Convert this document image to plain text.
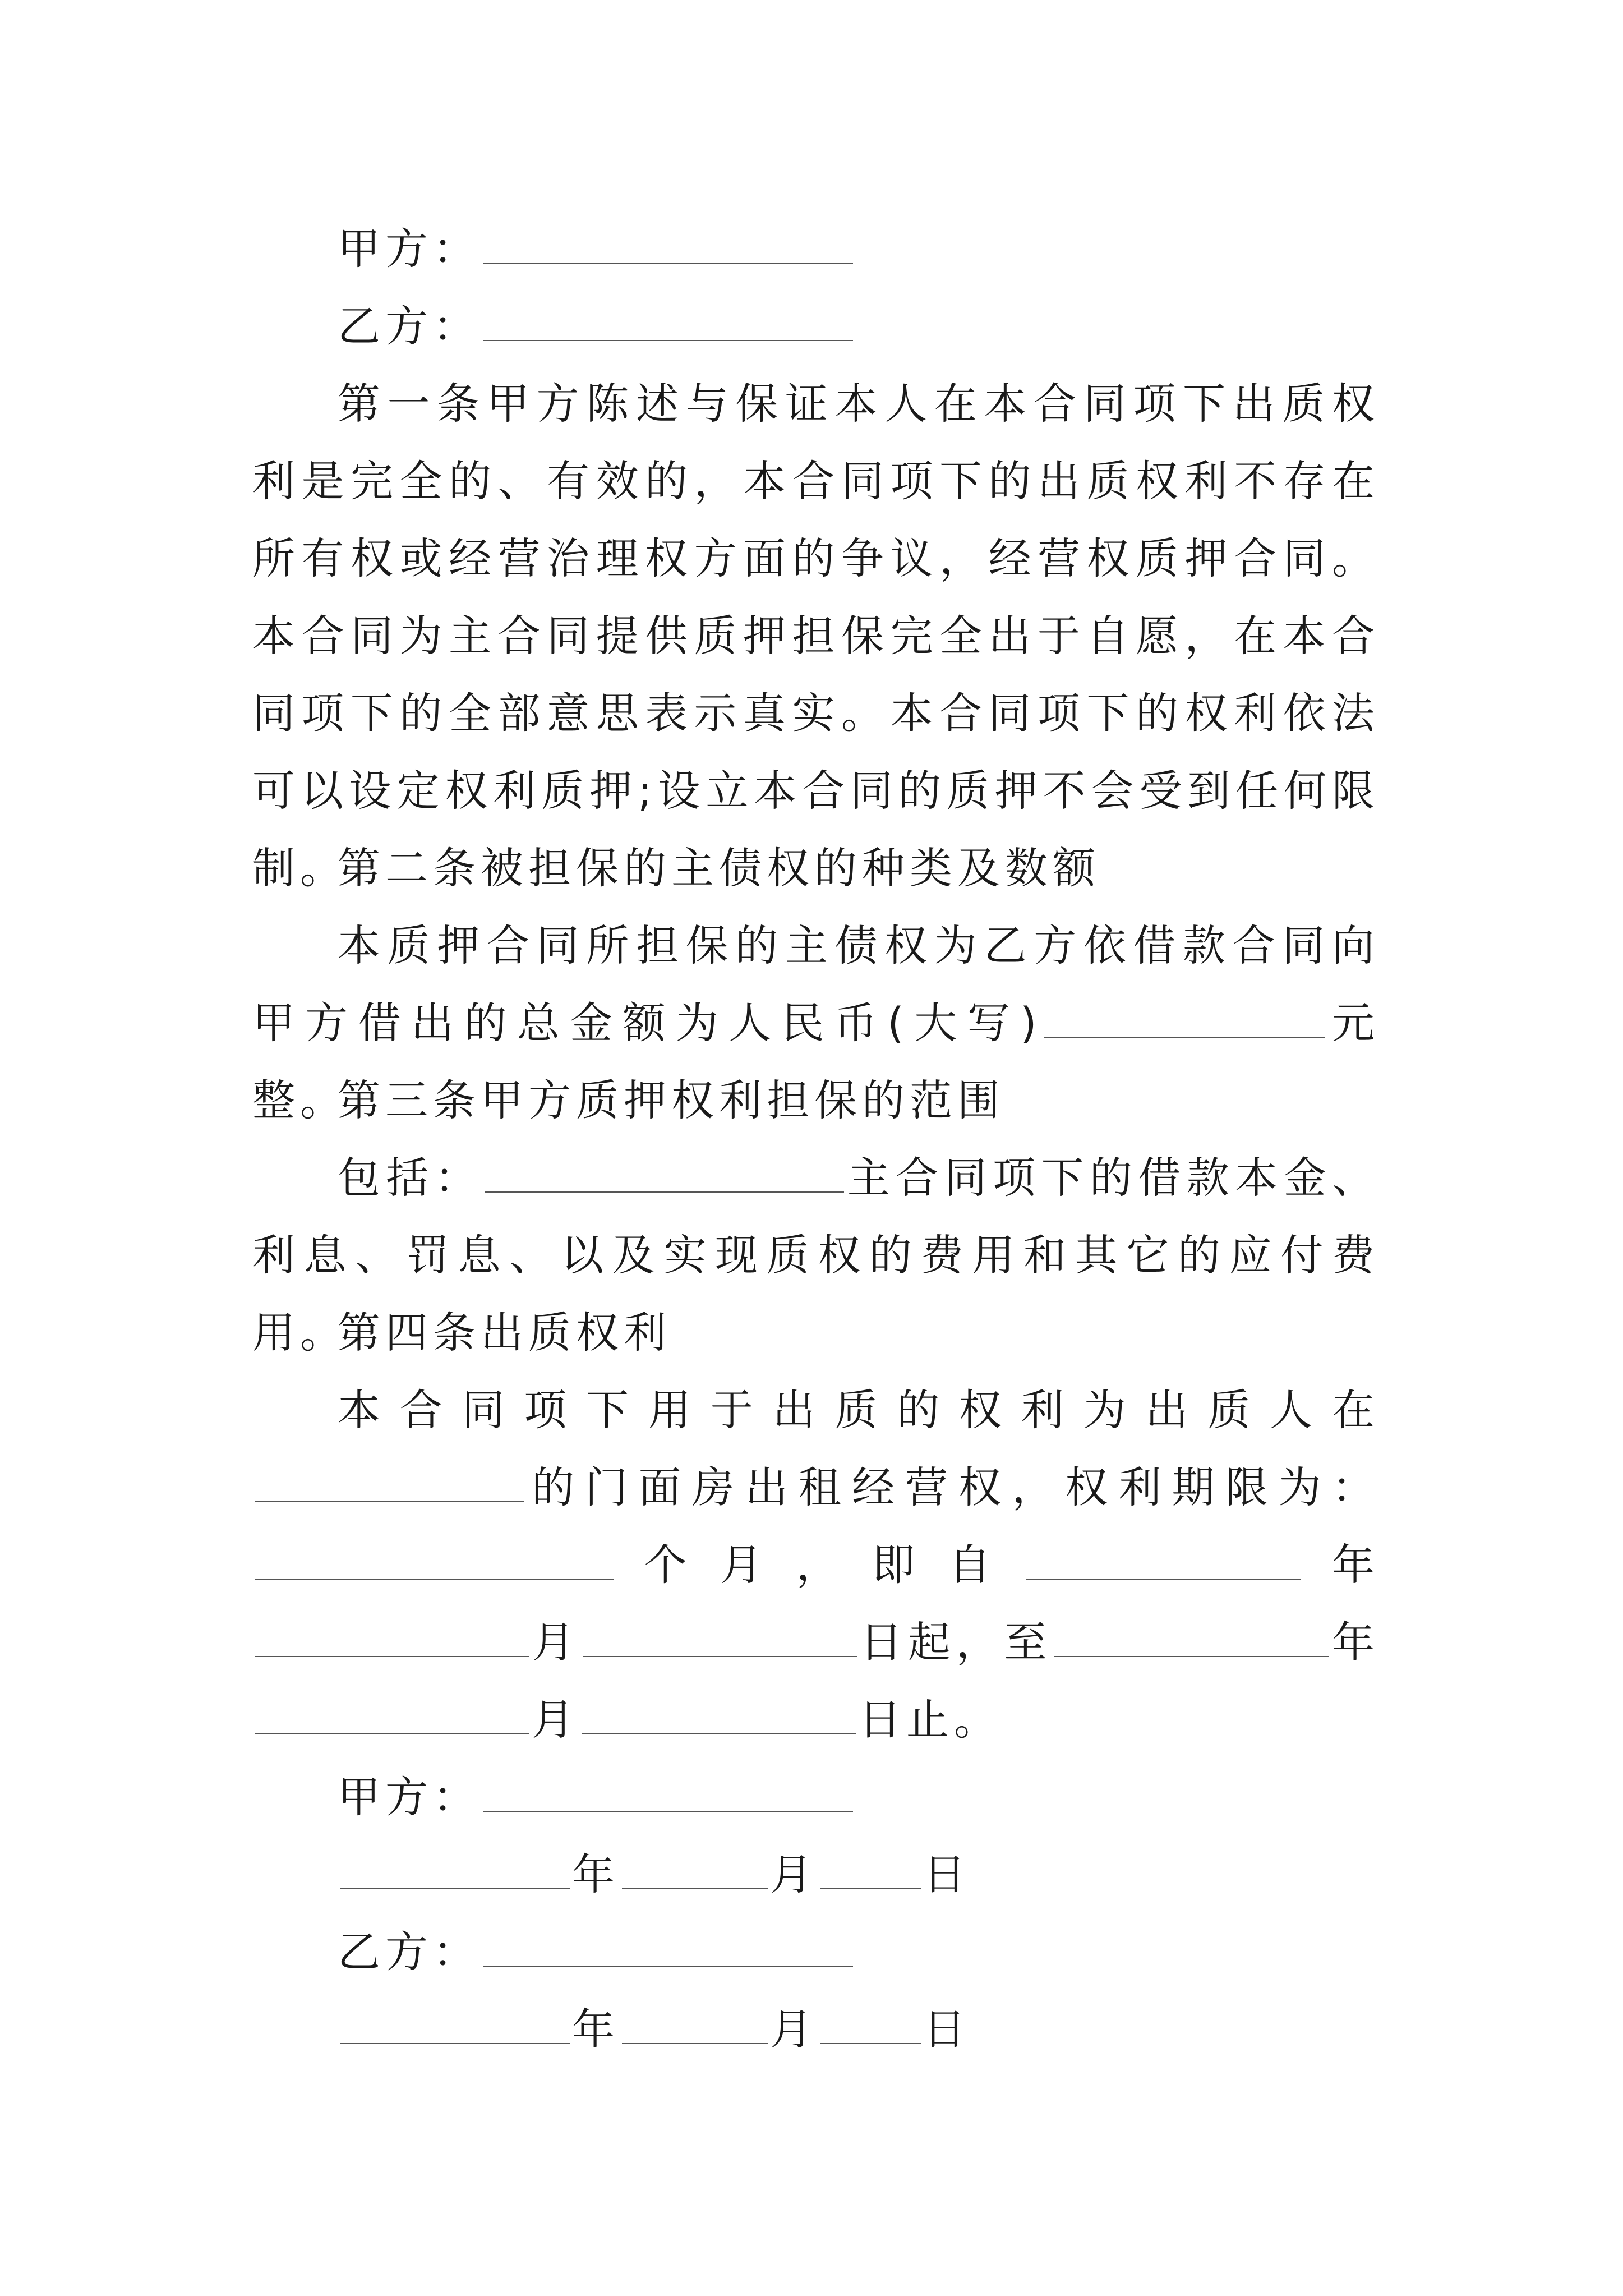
甲方：

乙方：

第一条甲方陈述与保证本人在本合同项下出质权利是完全的、有效的，本合同项下的出质权利不存在所有权或经营治理权方面的争议，经营权质押合同。本合同为主合同提供质押担保完全出于自愿，在本合同项下的全部意思表示真实。本合同项下的权利依法可以设定权利质押;设立本合同的质押不会受到任何限制。

第二条被担保的主债权的种类及数额

本质押合同所担保的主债权为乙方依借款合同向甲方借出的总金额为人民币(大写)	元整。

第三条甲方质押权利担保的范围

包括：	主合同项下的借款本金、利息、罚息、以及实现质权的费用和其它的应付费用。

第四条出质权利

本合同项下用于出质的权利为出质人在的门面房出租经营权，权利期限为：个月，即自	年月	日起，至	年月	日止。

甲方：

年	月 日

乙方：

年	月 日
